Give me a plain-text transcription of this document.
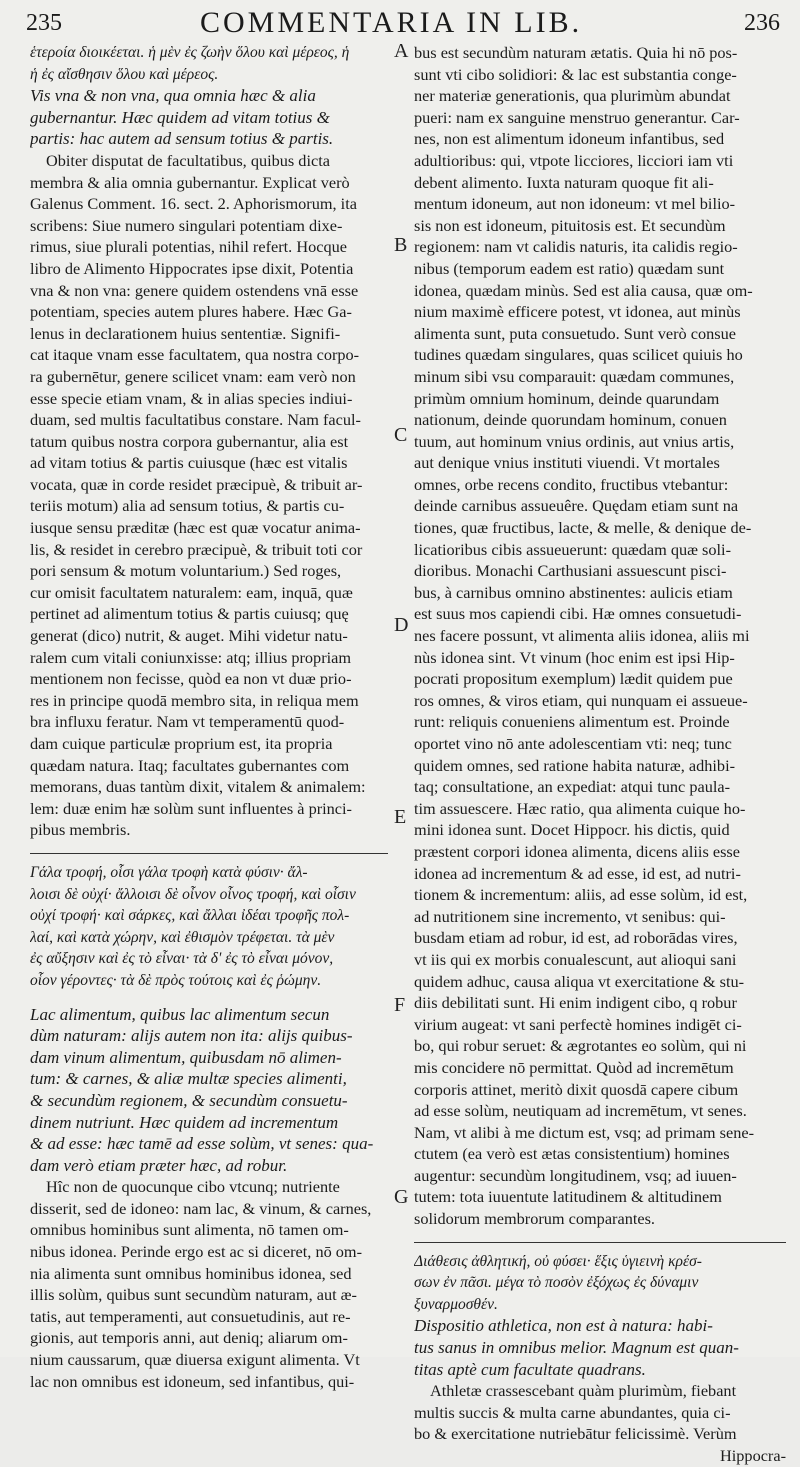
235	COMMENTARIA IN LIB.	236
ἑτεροία διοικέεται. ἡ μὲν ἐς ζωὴν ὅλου καὶ μέρεος, ἡ
ἡ ἐς αἴσθησιν ὅλου καὶ μέρεος.
Vis vna & non vna, qua omnia hæc & alia
gubernantur. Hæc quidem ad vitam totius &
partis: hac autem ad sensum totius & partis.
Obiter disputat de facultatibus, quibus dicta
membra & alia omnia gubernantur. Explicat verò
Galenus Comment. 16. sect. 2. Aphorismorum, ita
scribens: Siue numero singulari potentiam dixe-
rimus, siue plurali potentias, nihil refert. Hocque
libro de Alimento Hippocrates ipse dixit, Potentia
vna & non vna: genere quidem ostendens vnā esse
potentiam, species autem plures habere. Hæc Ga-
lenus in declarationem huius sententiæ. Signifi-
cat itaque vnam esse facultatem, qua nostra corpo-
ra gubernētur, genere scilicet vnam: eam verò non
esse specie etiam vnam, & in alias species indiui-
duam, sed multis facultatibus constare. Nam facul-
tatum quibus nostra corpora gubernantur, alia est
ad vitam totius & partis cuiusque (hæc est vitalis
vocata, quæ in corde residet præcipuè, & tribuit ar-
teriis motum) alia ad sensum totius, & partis cu-
iusque sensu præditæ (hæc est quæ vocatur anima-
lis, & residet in cerebro præcipuè, & tribuit toti cor
pori sensum & motum voluntarium.) Sed roges,
cur omisit facultatem naturalem: eam, inquā, quæ
pertinet ad alimentum totius & partis cuiusq; quę
generat (dico) nutrit, & auget. Mihi videtur natu-
ralem cum vitali coniunxisse: atq; illius propriam
mentionem non fecisse, quòd ea non vt duæ prio-
res in principe quodā membro sita, in reliqua mem
bra influxu feratur. Nam vt temperamentū quod-
dam cuique particulæ proprium est, ita propria
quædam natura. Itaq; facultates gubernantes com
memorans, duas tantùm dixit, vitalem & animalem:
lem: duæ enim hæ solùm sunt influentes à princi-
pibus membris.
Γάλα τροφή, οἷσι γάλα τροφὴ κατὰ φύσιν· ἄλ-
λοισι δὲ οὐχί· ἄλλοισι δὲ οἶνον οἶνος τροφή, καὶ οἷσιν
οὐχί τροφή· καὶ σάρκες, καὶ ἄλλαι ἰδέαι τροφῆς πολ-
λαί, καὶ κατὰ χώρην, καὶ ἐθισμὸν τρέφεται. τὰ μὲν
ἐς αὔξησιν καὶ ἐς τὸ εἶναι· τὰ δ' ἐς τὸ εἶναι μόνον,
οἷον γέροντες· τὰ δὲ πρὸς τούτοις καὶ ἐς ῥώμην.
Lac alimentum, quibus lac alimentum secun
dùm naturam: alijs autem non ita: alijs quibus-
dam vinum alimentum, quibusdam nō alimen-
tum: & carnes, & aliæ multæ species alimenti,
& secundùm regionem, & secundùm consuetu-
dinem nutriunt. Hæc quidem ad incrementum
& ad esse: hæc tamē ad esse solùm, vt senes: qua-
dam verò etiam præter hæc, ad robur.
Hîc non de quocunque cibo vtcunq; nutriente
disserit, sed de idoneo: nam lac, & vinum, & carnes,
omnibus hominibus sunt alimenta, nō tamen om-
nibus idonea. Perinde ergo est ac si diceret, nō om-
nia alimenta sunt omnibus hominibus idonea, sed
illis solùm, quibus sunt secundùm naturam, aut æ-
tatis, aut temperamenti, aut consuetudinis, aut re-
gionis, aut temporis anni, aut deniq; aliarum om-
nium caussarum, quæ diuersa exigunt alimenta. Vt
lac non omnibus est idoneum, sed infantibus, qui-
bus est secundùm naturam ætatis. Quia hi nō pos-
sunt vti cibo solidiori: & lac est substantia conge-
ner materiæ generationis, qua plurimùm abundat
pueri: nam ex sanguine menstruo generantur. Car-
nes, non est alimentum idoneum infantibus, sed
adultioribus: qui, vtpote licciores, licciori iam vti
debent alimento. Iuxta naturam quoque fit ali-
mentum idoneum, aut non idoneum: vt mel bilio-
sis non est idoneum, pituitosis est. Et secundùm
regionem: nam vt calidis naturis, ita calidis regio-
nibus (temporum eadem est ratio) quædam sunt
idonea, quædam minùs. Sed est alia causa, quæ om-
nium maximè efficere potest, vt idonea, aut minùs
alimenta sunt, puta consuetudo. Sunt verò consue
tudines quædam singulares, quas scilicet quiuis ho
minum sibi vsu comparauit: quædam communes,
primùm omnium hominum, deinde quarundam
nationum, deinde quorundam hominum, conuen
tuum, aut hominum vnius ordinis, aut vnius artis,
aut denique vnius instituti viuendi. Vt mortales
omnes, orbe recens condito, fructibus vtebantur:
deinde carnibus assueuêre. Quędam etiam sunt na
tiones, quæ fructibus, lacte, & melle, & denique de-
licatioribus cibis assueuerunt: quædam quæ soli-
dioribus. Monachi Carthusiani assuescunt pisci-
bus, à carnibus omnino abstinentes: aulicis etiam
est suus mos capiendi cibi. Hæ omnes consuetudi-
nes facere possunt, vt alimenta aliis idonea, aliis mi
nùs idonea sint. Vt vinum (hoc enim est ipsi Hip-
pocrati propositum exemplum) lædit quidem pue
ros omnes, & viros etiam, qui nunquam ei assueue-
runt: reliquis conueniens alimentum est. Proinde
oportet vino nō ante adolescentiam vti: neq; tunc
quidem omnes, sed ratione habita naturæ, adhibi-
taq; consultatione, an expediat: atqui tunc paula-
tim assuescere. Hæc ratio, qua alimenta cuique ho-
mini idonea sunt. Docet Hippocr. his dictis, quid
præstent corpori idonea alimenta, dicens aliis esse
idonea ad incrementum & ad esse, id est, ad nutri-
tionem & incrementum: aliis, ad esse solùm, id est,
ad nutritionem sine incremento, vt senibus: qui-
busdam etiam ad robur, id est, ad roborādas vires,
vt iis qui ex morbis conualescunt, aut alioqui sani
quidem adhuc, causa aliqua vt exercitatione & stu-
diis debilitati sunt. Hi enim indigent cibo, q robur
virium augeat: vt sani perfectè homines indigēt ci-
bo, qui robur seruet: & ægrotantes eo solùm, qui ni
mis concidere nō permittat. Quòd ad incremētum
corporis attinet, meritò dixit quosdā capere cibum
ad esse solùm, neutiquam ad incremētum, vt senes.
Nam, vt alibi à me dictum est, vsq; ad primam sene-
ctutem (ea verò est ætas consistentium) homines
augentur: secundùm longitudinem, vsq; ad iuuen-
tutem: tota iuuentute latitudinem & altitudinem
solidorum membrorum comparantes.
Διάθεσις ἀθλητική, οὐ φύσει· ἕξις ὑγιεινὴ κρέσ-
σων ἐν πᾶσι. μέγα τὸ ποσὸν ἐξόχως ἐς δύναμιν
ξυναρμοσθέν.
Dispositio athletica, non est à natura: habi-
tus sanus in omnibus melior. Magnum est quan-
titas aptè cum facultate quadrans.
Athletæ crassescebant quàm plurimùm, fiebant
multis succis & multa carne abundantes, quia ci-
bo & exercitatione nutriebātur felicissimè. Verùm
Hippocra-
A
B
C
D
E
F
G
